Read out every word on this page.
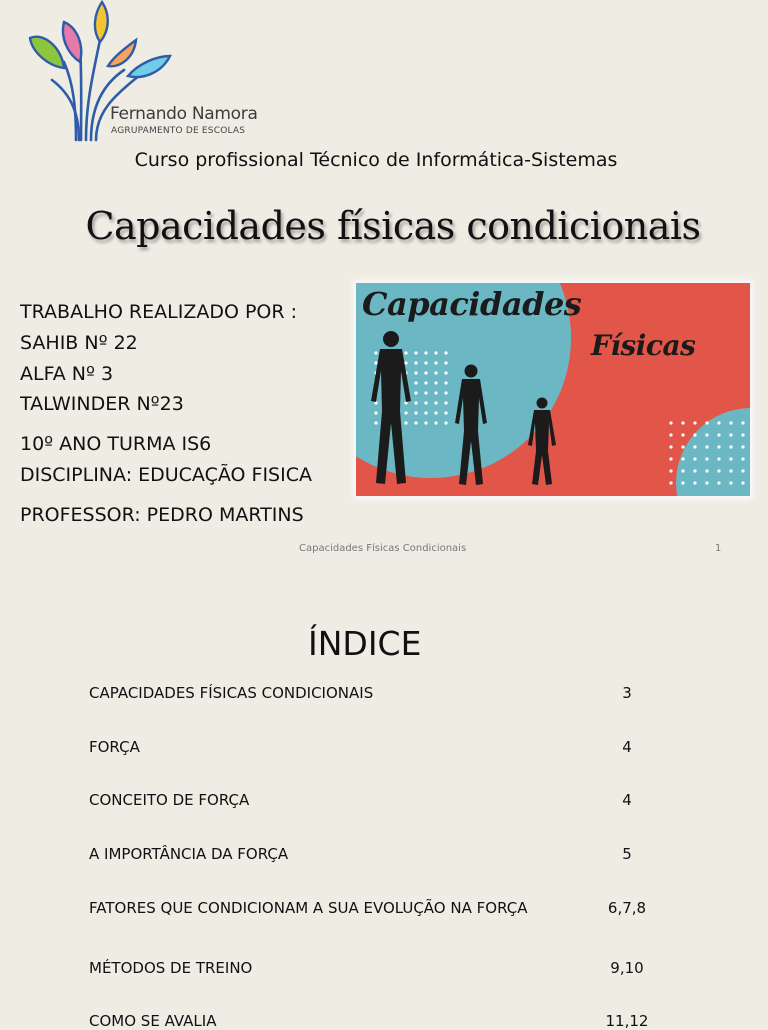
Fernando Namora
AGRUPAMENTO DE ESCOLAS
Curso profissional Técnico de Informática-Sistemas
Capacidades físicas condicionais
TRABALHO REALIZADO POR :
SAHIB Nº 22
ALFA Nº 3
TALWINDER Nº23
10º ANO TURMA IS6
DISCIPLINA: EDUCAÇÃO FISICA
PROFESSOR: PEDRO MARTINS
Capacidades
Físicas
Capacidades Físicas Condicionais	1
ÍNDICE
CAPACIDADES FÍSICAS CONDICIONAIS	3
FORÇA	4
CONCEITO DE FORÇA	4
A IMPORTÂNCIA DA FORÇA	5
FATORES QUE CONDICIONAM A SUA EVOLUÇÃO NA FORÇA	6,7,8
MÉTODOS DE TREINO	9,10
COMO SE AVALIA	11,12
